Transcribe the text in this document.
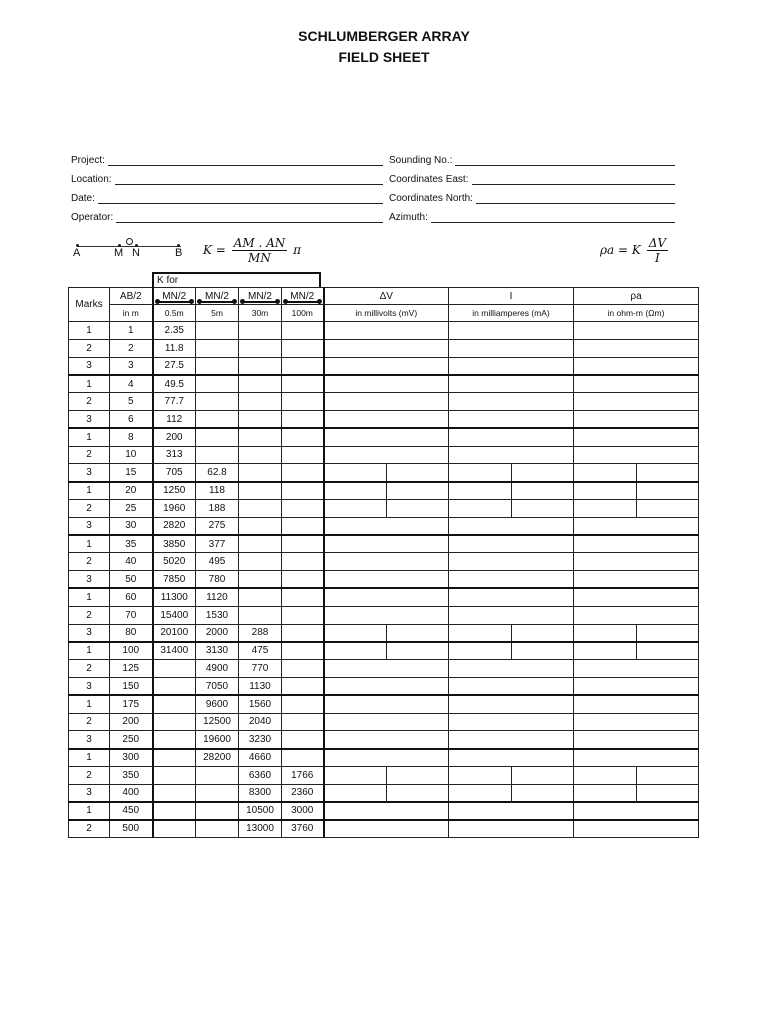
SCHLUMBERGER ARRAY
FIELD SHEET
Project:	Sounding No.:
Location:	Coordinates East:
Date:	Coordinates North:
Operator:	Azimuth:
A	M N	B $K = \frac{AM . AN}{MN}$ π	ρa = K $\frac{\Delta V}{I}$
K for
Marks	AB/2	MN/2	MN/2	MN/2	MN/2	ΔV		I		ρa	
	in m	0.5m	5m	30m	100m	in millivolts (mV)		in milliamperes (mA)		in ohm-m (Ωm)	
1	1	2.35									
2	2	11.8									
3	3	27.5									
1	4	49.5									
2	5	77.7									
3	6	112									
1	8	200									
2	10	313									
3	15	705	62.8								
1	20	1250	118								
2	25	1960	188								
3	30	2820	275								
1	35	3850	377								
2	40	5020	495								
3	50	7850	780								
1	60	11300	1120								
2	70	15400	1530								
3	80	20100	2000	288							
1	100	31400	3130	475							
2	125		4900	770							
3	150		7050	1130							
1	175		9600	1560							
2	200		12500	2040							
3	250		19600	3230							
1	300		28200	4660							
2	350			6360	1766						
3	400			8300	2360						
1	450			10500	3000						
2	500			13000	3760						
